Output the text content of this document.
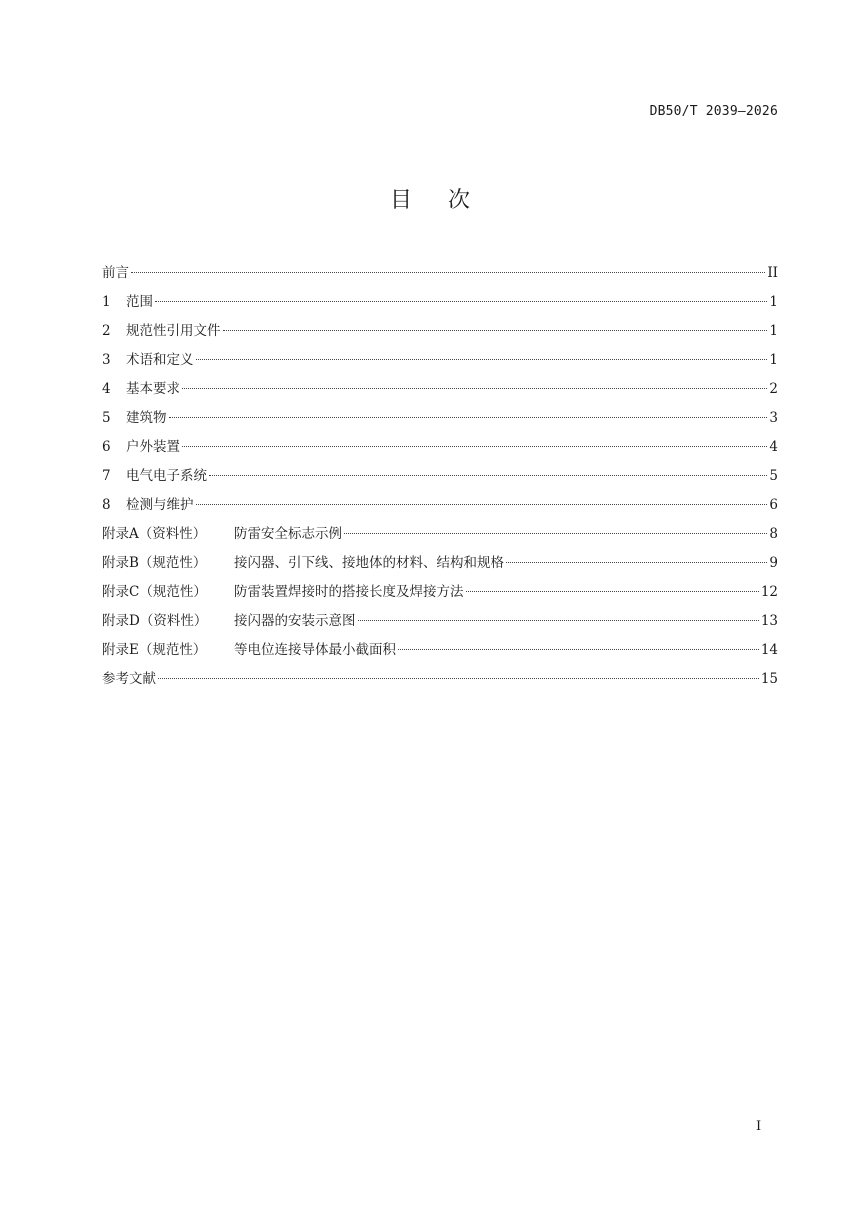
DB50/T 2039—2026
目次
前言	II
1	范围	1
2	规范性引用文件	1
3	术语和定义	1
4	基本要求	2
5	建筑物	3
6	户外装置	4
7	电气电子系统	5
8	检测与维护	6
附录A（资料性）	防雷安全标志示例	8
附录B（规范性）	接闪器、引下线、接地体的材料、结构和规格	9
附录C（规范性）	防雷装置焊接时的搭接长度及焊接方法	12
附录D（资料性）	接闪器的安装示意图	13
附录E（规范性）	等电位连接导体最小截面积	14
参考文献	15
I
